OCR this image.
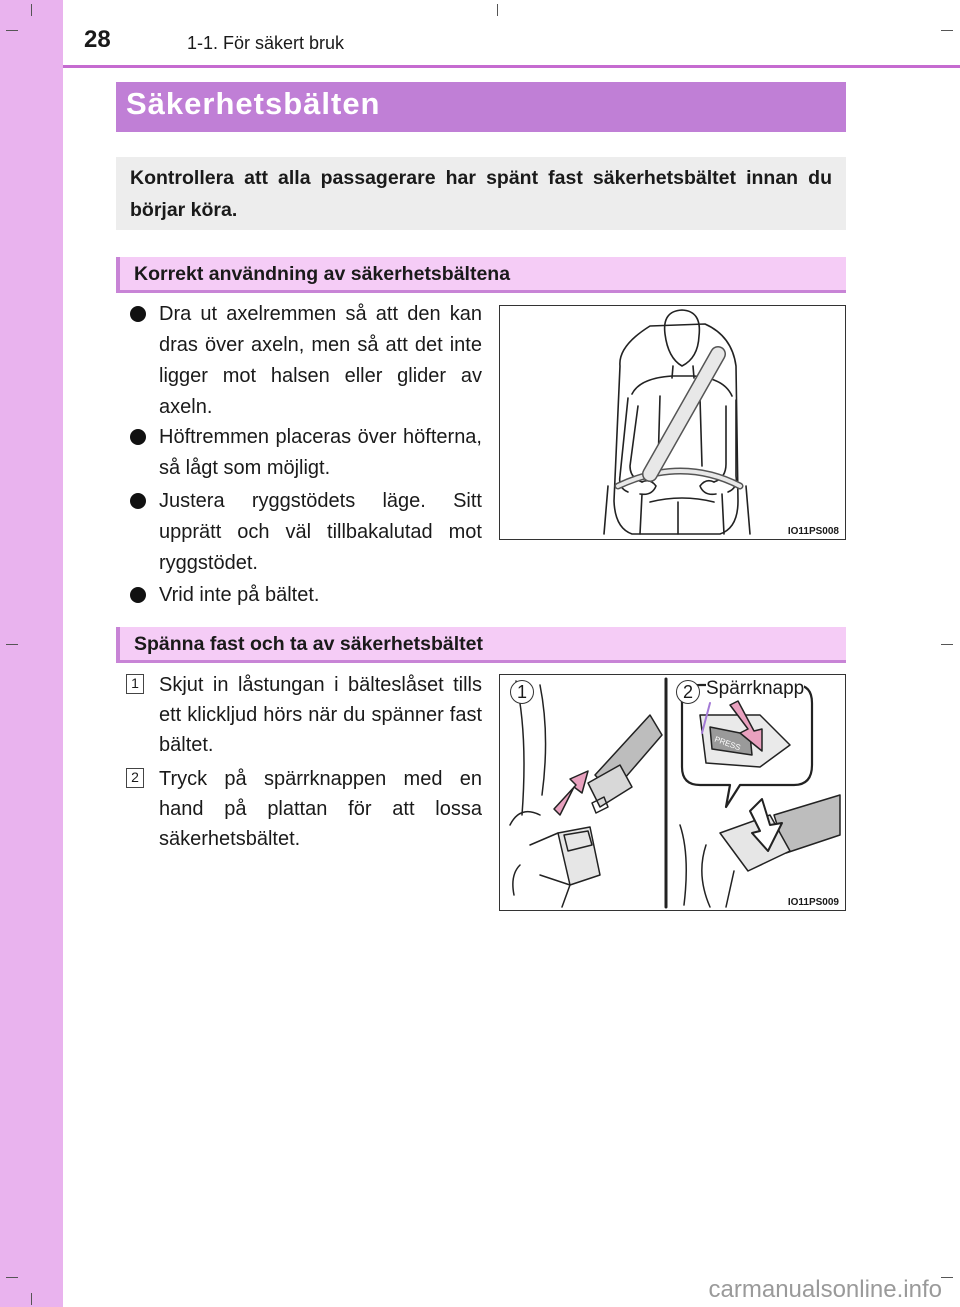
28	1-1. För säkert bruk
Säkerhetsbälten
Kontrollera att alla passagerare har spänt fast säkerhetsbältet innan du börjar köra.
Korrekt användning av säkerhetsbältena
Dra ut axelremmen så att den kan dras över axeln, men så att det inte ligger mot halsen eller glider av axeln.
Höftremmen placeras över höfterna, så lågt som möjligt.
Justera ryggstödets läge. Sitt upprätt och väl tillbakalutad mot ryggstödet.
Vrid inte på bältet.
IO11PS008
Spänna fast och ta av säkerhetsbältet
1 Skjut in låstungan i bälteslåset tills ett klickljud hörs när du spänner fast bältet.
2 Tryck på spärrknappen med en hand på plattan för att lossa säkerhetsbältet.
1	2 Spärrknapp
PRESS
IO11PS009
carmanualsonline.info
